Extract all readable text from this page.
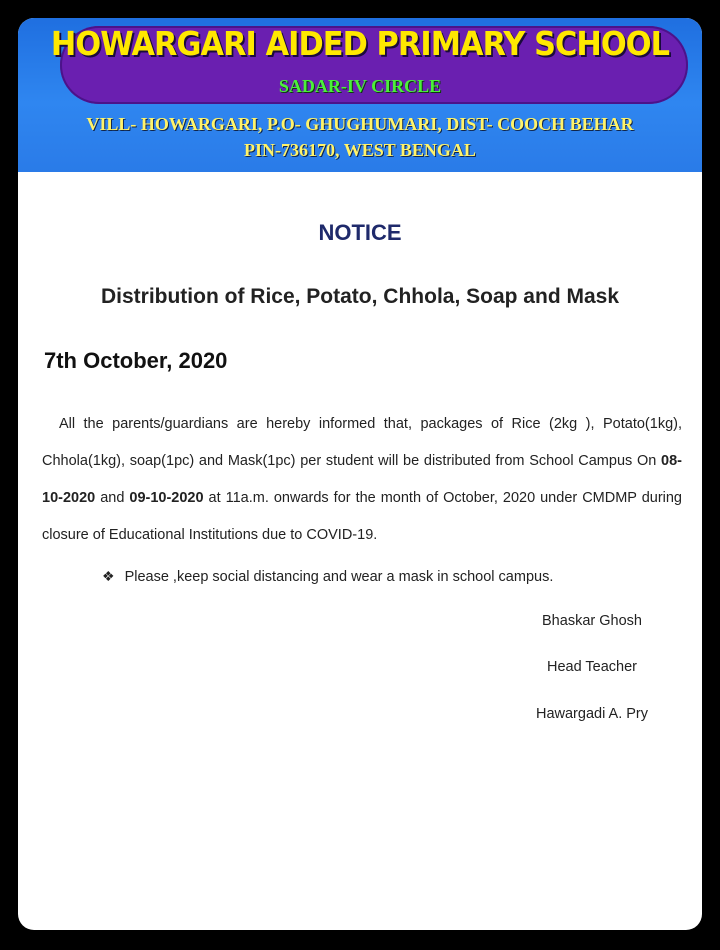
HOWARGARI AIDED PRIMARY SCHOOL
SADAR-IV CIRCLE
VILL- HOWARGARI, P.O- GHUGHUMARI, DIST- COOCH BEHAR
PIN-736170, WEST BENGAL
NOTICE
Distribution of Rice, Potato, Chhola, Soap and Mask
7th October, 2020
All the parents/guardians are hereby informed that, packages of Rice (2kg ), Potato(1kg), Chhola(1kg), soap(1pc) and Mask(1pc) per student will be distributed from School Campus On 08-10-2020 and 09-10-2020 at 11a.m. onwards for the month of October, 2020 under CMDMP during closure of Educational Institutions due to COVID-19.
❖ Please ,keep social distancing and wear a mask in school campus.
Bhaskar Ghosh
Head Teacher
Hawargadi A. Pry
